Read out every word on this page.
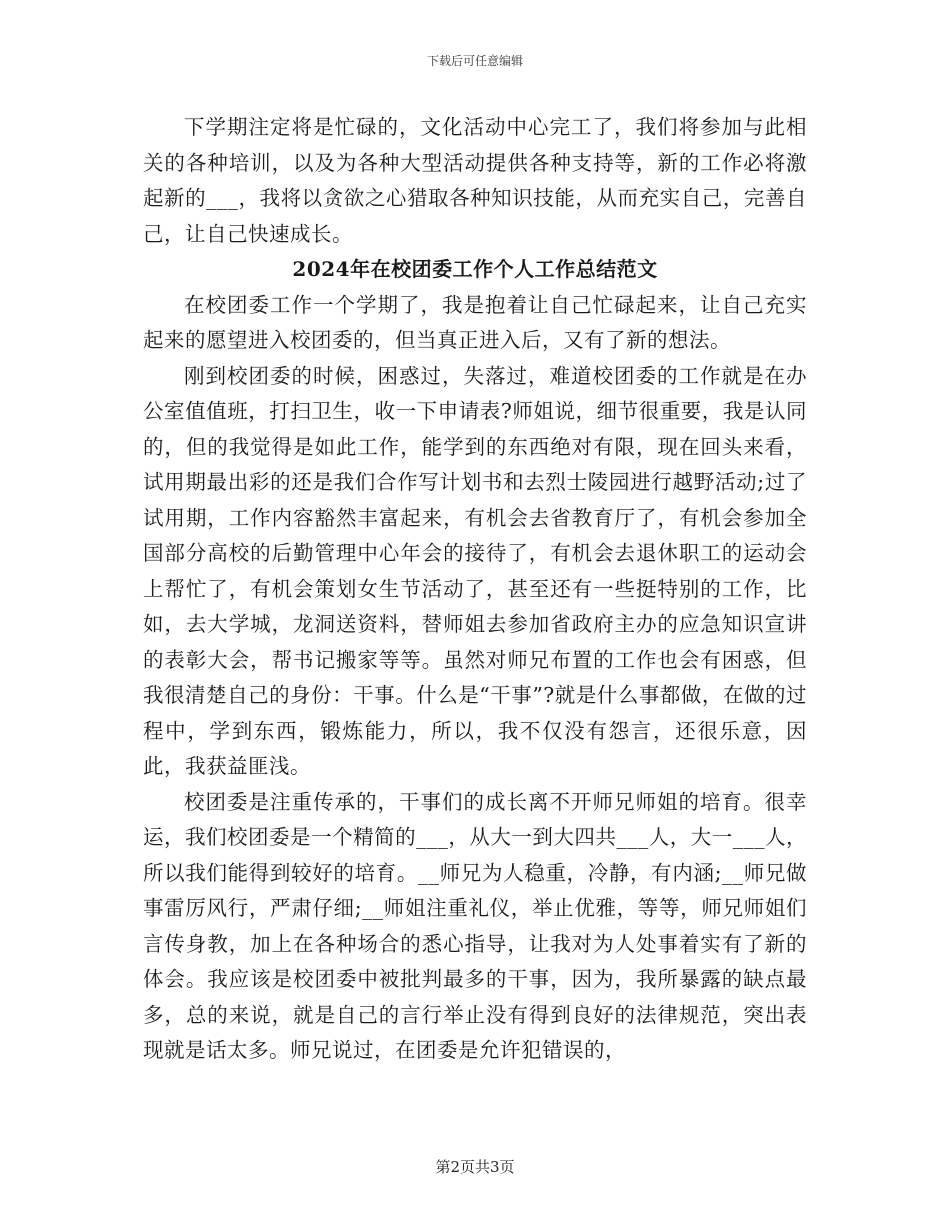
下载后可任意编辑

下学期注定将是忙碌的，文化活动中心完工了，我们将参加与此相关的各种培训，以及为各种大型活动提供各种支持等，新的工作必将激起新的___，我将以贪欲之心猎取各种知识技能，从而充实自己，完善自己，让自己快速成长。

2024年在校团委工作个人工作总结范文

在校团委工作一个学期了，我是抱着让自己忙碌起来，让自己充实起来的愿望进入校团委的，但当真正进入后，又有了新的想法。

刚到校团委的时候，困惑过，失落过，难道校团委的工作就是在办公室值值班，打扫卫生，收一下申请表?师姐说，细节很重要，我是认同的，但的我觉得是如此工作，能学到的东西绝对有限，现在回头来看，试用期最出彩的还是我们合作写计划书和去烈士陵园进行越野活动;过了试用期，工作内容豁然丰富起来，有机会去省教育厅了，有机会参加全国部分高校的后勤管理中心年会的接待了，有机会去退休职工的运动会上帮忙了，有机会策划女生节活动了，甚至还有一些挺特别的工作，比如，去大学城，龙洞送资料，替师姐去参加省政府主办的应急知识宣讲的表彰大会，帮书记搬家等等。虽然对师兄布置的工作也会有困惑，但我很清楚自己的身份：干事。什么是“干事”?就是什么事都做，在做的过程中，学到东西，锻炼能力，所以，我不仅没有怨言，还很乐意，因此，我获益匪浅。

校团委是注重传承的，干事们的成长离不开师兄师姐的培育。很幸运，我们校团委是一个精简的___，从大一到大四共___人，大一___人，所以我们能得到较好的培育。__师兄为人稳重，冷静，有内涵;__师兄做事雷厉风行，严肃仔细;__师姐注重礼仪，举止优雅，等等，师兄师姐们言传身教，加上在各种场合的悉心指导，让我对为人处事着实有了新的体会。我应该是校团委中被批判最多的干事，因为，我所暴露的缺点最多，总的来说，就是自己的言行举止没有得到良好的法律规范，突出表现就是话太多。师兄说过，在团委是允许犯错误的，

第2页共3页
